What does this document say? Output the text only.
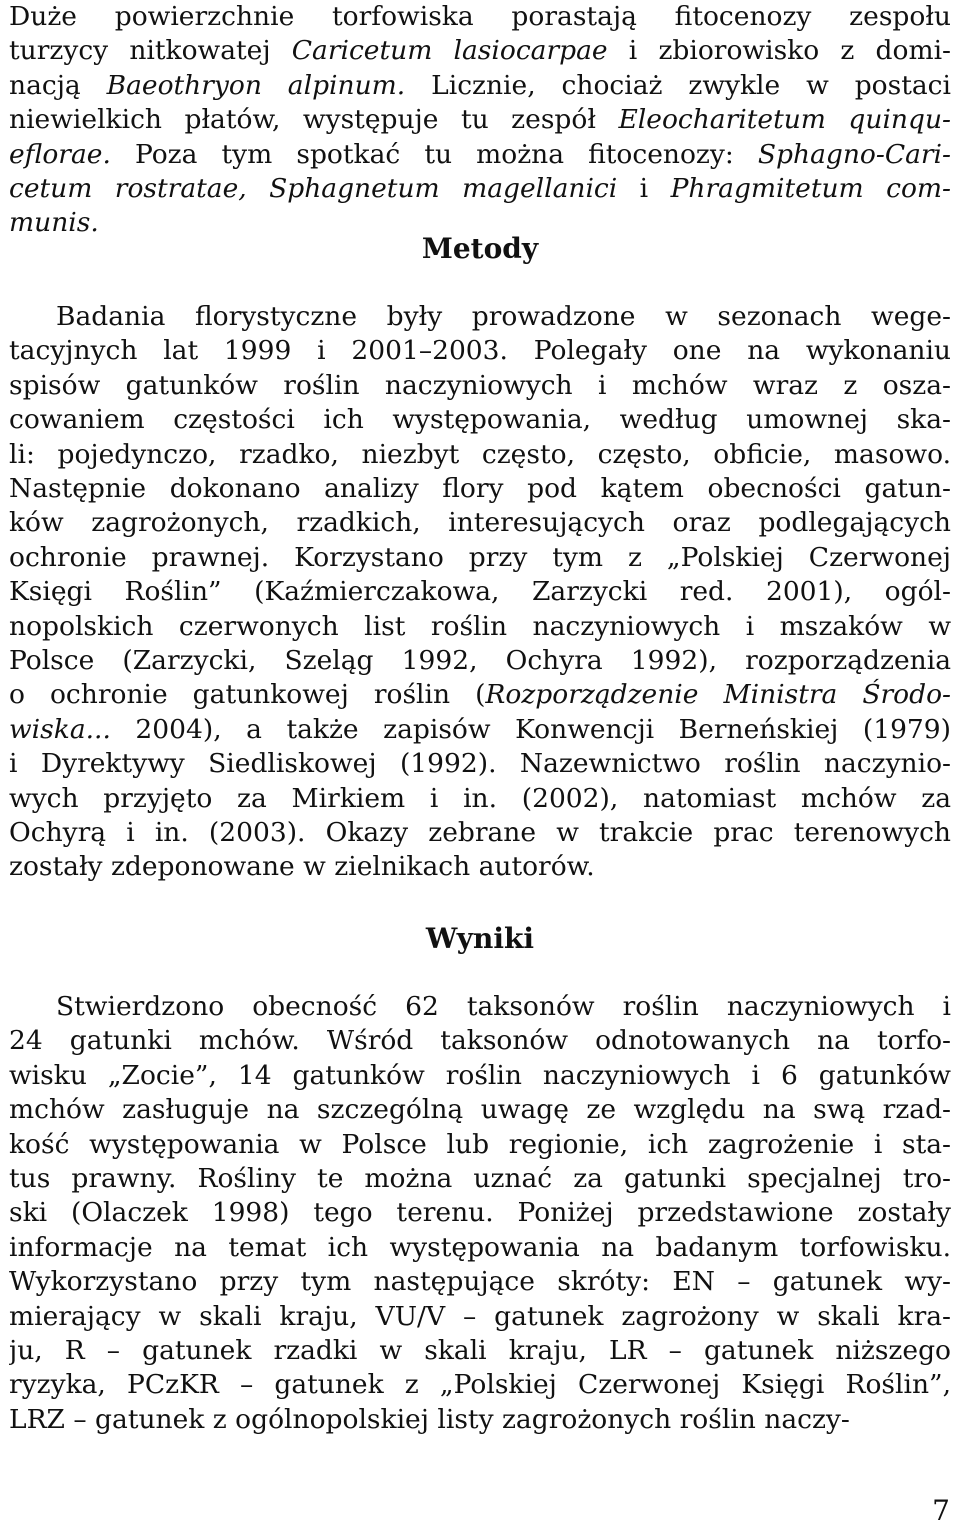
Duże powierzchnie torfowiska porastają fitocenozy zespołu
turzycy nitkowatej Caricetum lasiocarpae i zbiorowisko z domi-
nacją Baeothryon alpinum. Licznie, chociaż zwykle w postaci
niewielkich płatów, występuje tu zespół Eleocharitetum quinqu-
eflorae. Poza tym spotkać tu można fitocenozy: Sphagno-Cari-
cetum rostratae, Sphagnetum magellanici i Phragmitetum com-
munis.
Metody
Badania florystyczne były prowadzone w sezonach wege-
tacyjnych lat 1999 i 2001–2003. Polegały one na wykonaniu
spisów gatunków roślin naczyniowych i mchów wraz z osza-
cowaniem częstości ich występowania, według umownej ska-
li: pojedynczo, rzadko, niezbyt często, często, obficie, masowo.
Następnie dokonano analizy flory pod kątem obecności gatun-
ków zagrożonych, rzadkich, interesujących oraz podlegających
ochronie prawnej. Korzystano przy tym z „Polskiej Czerwonej
Księgi Roślin” (Kaźmierczakowa, Zarzycki red. 2001), ogól-
nopolskich czerwonych list roślin naczyniowych i mszaków w
Polsce (Zarzycki, Szeląg 1992, Ochyra 1992), rozporządzenia
o ochronie gatunkowej roślin (Rozporządzenie Ministra Środo-
wiska... 2004), a także zapisów Konwencji Berneńskiej (1979)
i Dyrektywy Siedliskowej (1992). Nazewnictwo roślin naczynio-
wych przyjęto za Mirkiem i in. (2002), natomiast mchów za
Ochyrą i in. (2003). Okazy zebrane w trakcie prac terenowych
zostały zdeponowane w zielnikach autorów.
Wyniki
Stwierdzono obecność 62 taksonów roślin naczyniowych i
24 gatunki mchów. Wśród taksonów odnotowanych na torfo-
wisku „Zocie”, 14 gatunków roślin naczyniowych i 6 gatunków
mchów zasługuje na szczególną uwagę ze względu na swą rzad-
kość występowania w Polsce lub regionie, ich zagrożenie i sta-
tus prawny. Rośliny te można uznać za gatunki specjalnej tro-
ski (Olaczek 1998) tego terenu. Poniżej przedstawione zostały
informacje na temat ich występowania na badanym torfowisku.
Wykorzystano przy tym następujące skróty: EN – gatunek wy-
mierający w skali kraju, VU/V – gatunek zagrożony w skali kra-
ju, R – gatunek rzadki w skali kraju, LR – gatunek niższego
ryzyka, PCzKR – gatunek z „Polskiej Czerwonej Księgi Roślin”,
LRZ – gatunek z ogólnopolskiej listy zagrożonych roślin naczy-
7
